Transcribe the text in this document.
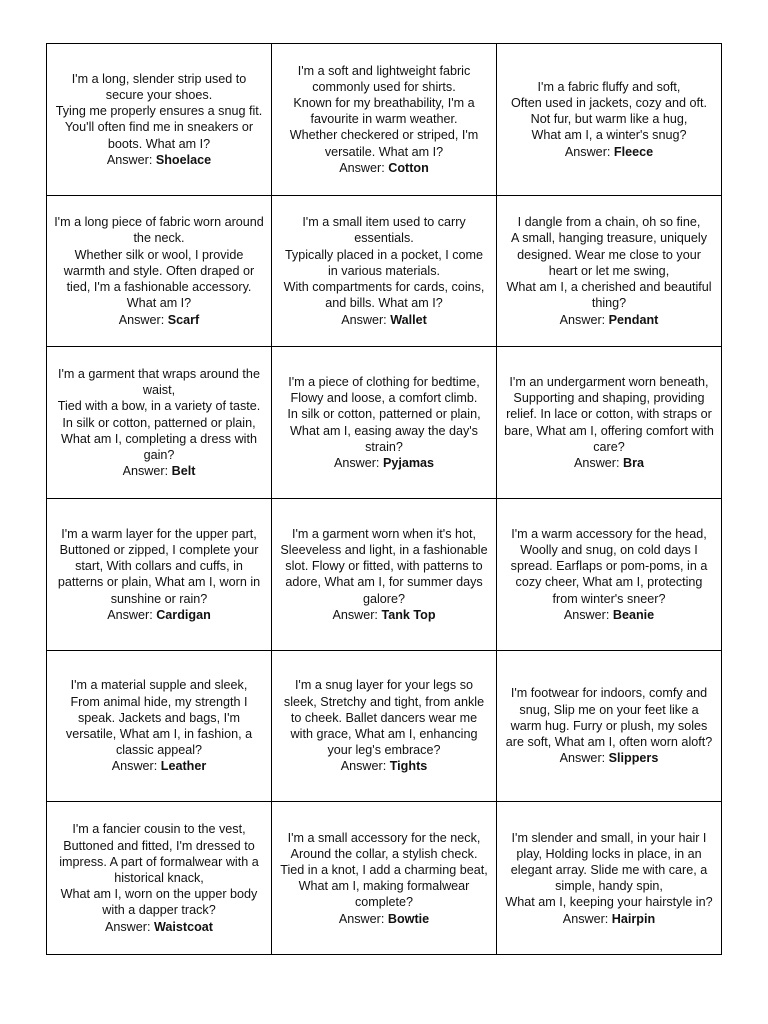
I'm a long, slender strip used to secure your shoes.
Tying me properly ensures a snug fit. You'll often find me in sneakers or boots. What am I?
Answer: Shoelace
I'm a soft and lightweight fabric commonly used for shirts.
Known for my breathability, I'm a favourite in warm weather.
Whether checkered or striped, I'm versatile. What am I?
Answer: Cotton
I'm a fabric fluffy and soft,
Often used in jackets, cozy and oft.
Not fur, but warm like a hug,
What am I, a winter's snug?
Answer: Fleece
I'm a long piece of fabric worn around the neck.
Whether silk or wool, I provide warmth and style. Often draped or tied, I'm a fashionable accessory.
What am I?
Answer: Scarf
I'm a small item used to carry essentials.
Typically placed in a pocket, I come in various materials.
With compartments for cards, coins, and bills. What am I?
Answer: Wallet
I dangle from a chain, oh so fine,
A small, hanging treasure, uniquely designed. Wear me close to your heart or let me swing,
What am I, a cherished and beautiful thing?
Answer: Pendant
I'm a garment that wraps around the waist,
Tied with a bow, in a variety of taste.
In silk or cotton, patterned or plain,
What am I, completing a dress with gain?
Answer: Belt
I'm a piece of clothing for bedtime,
Flowy and loose, a comfort climb.
In silk or cotton, patterned or plain,
What am I, easing away the day's strain?
Answer: Pyjamas
I'm an undergarment worn beneath,
Supporting and shaping, providing relief. In lace or cotton, with straps or bare, What am I, offering comfort with care?
Answer: Bra
I'm a warm layer for the upper part,
Buttoned or zipped, I complete your start, With collars and cuffs, in patterns or plain, What am I, worn in sunshine or rain?
Answer: Cardigan
I'm a garment worn when it's hot,
Sleeveless and light, in a fashionable slot. Flowy or fitted, with patterns to adore, What am I, for summer days galore?
Answer: Tank Top
I'm a warm accessory for the head,
Woolly and snug, on cold days I spread. Earflaps or pom-poms, in a cozy cheer, What am I, protecting from winter's sneer?
Answer: Beanie
I'm a material supple and sleek,
From animal hide, my strength I speak. Jackets and bags, I'm versatile, What am I, in fashion, a classic appeal?
Answer: Leather
I'm a snug layer for your legs so sleek, Stretchy and tight, from ankle to cheek. Ballet dancers wear me with grace, What am I, enhancing your leg's embrace?
Answer: Tights
I'm footwear for indoors, comfy and snug, Slip me on your feet like a warm hug. Furry or plush, my soles are soft, What am I, often worn aloft?
Answer: Slippers
I'm a fancier cousin to the vest,
Buttoned and fitted, I'm dressed to impress. A part of formalwear with a historical knack,
What am I, worn on the upper body with a dapper track?
Answer: Waistcoat
I'm a small accessory for the neck,
Around the collar, a stylish check.
Tied in a knot, I add a charming beat, What am I, making formalwear complete?
Answer: Bowtie
I'm slender and small, in your hair I play, Holding locks in place, in an elegant array. Slide me with care, a simple, handy spin,
What am I, keeping your hairstyle in?
Answer: Hairpin
